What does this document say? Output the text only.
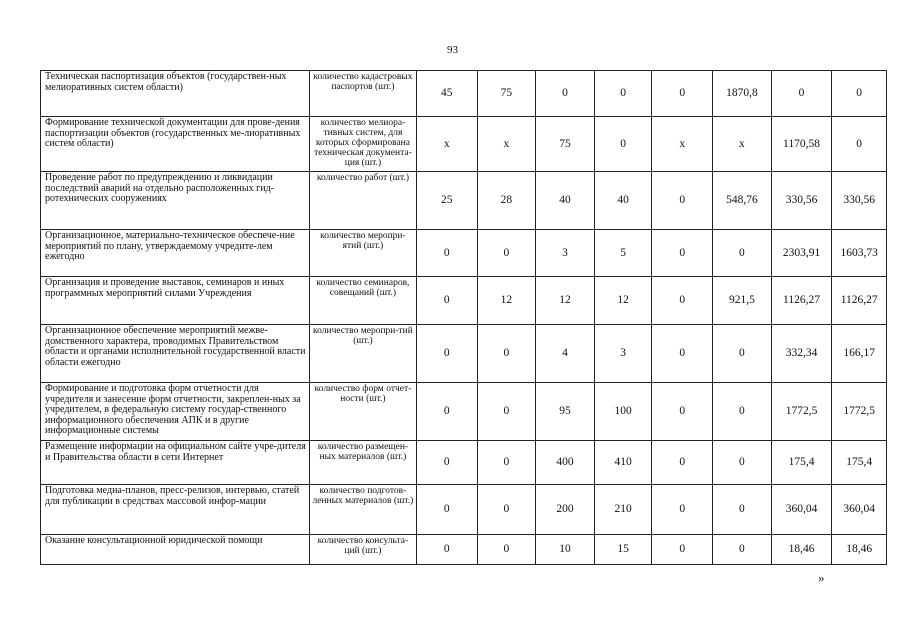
93
Техническая паспортизация объектов (государствен-ных мелиоративных систем области)	количество кадастровых паспортов (шт.)	45	75	0	0	0	1870,8	0	0
Формирование технической документации для прове-дения паспортизации объектов (государственных ме-лиоративных систем области)	количество мелиора-тивных систем, для которых сформирована техническая документа-ция (шт.)	х	х	75	0	х	х	1170,58	0
Проведение работ по предупреждению и ликвидации последствий аварий на отдельно расположенных гид-ротехнических сооружениях	количество работ (шт.)	25	28	40	40	0	548,76	330,56	330,56
Организационное, материально-техническое обеспече-ние мероприятий по плану, утверждаемому учредите-лем ежегодно	количество меропри-ятий (шт.)	0	0	3	5	0	0	2303,91	1603,73
Организация и проведение выставок, семинаров и иных программных мероприятий силами Учреждения	количество семинаров, совещаний (шт.)	0	12	12	12	0	921,5	1126,27	1126,27
Организационное обеспечение мероприятий межве-домственного характера, проводимых Правительством области и органами исполнительной государственной власти области ежегодно	количество меропри-тий (шт.)	0	0	4	3	0	0	332,34	166,17
Формирование и подготовка форм отчетности для учредителя и занесение форм отчетности, закреплен-ных за учредителем, в федеральную систему государ-ственного информационного обеспечения АПК и в другие информационные системы	количество форм отчет-ности (шт.)	0	0	95	100	0	0	1772,5	1772,5
Размещение информации на официальном сайте учре-дителя и Правительства области в сети Интернет	количество размещен-ных материалов (шт.)	0	0	400	410	0	0	175,4	175,4
Подготовка медиа-планов, пресс-релизов, интервью, статей для публикации в средствах массовой инфор-мации	количество подготов-ленных материалов (шт.)	0	0	200	210	0	0	360,04	360,04
Оказание консультационной юридической помощи	количество консульта-ций (шт.)	0	0	10	15	0	0	18,46	18,46
»
